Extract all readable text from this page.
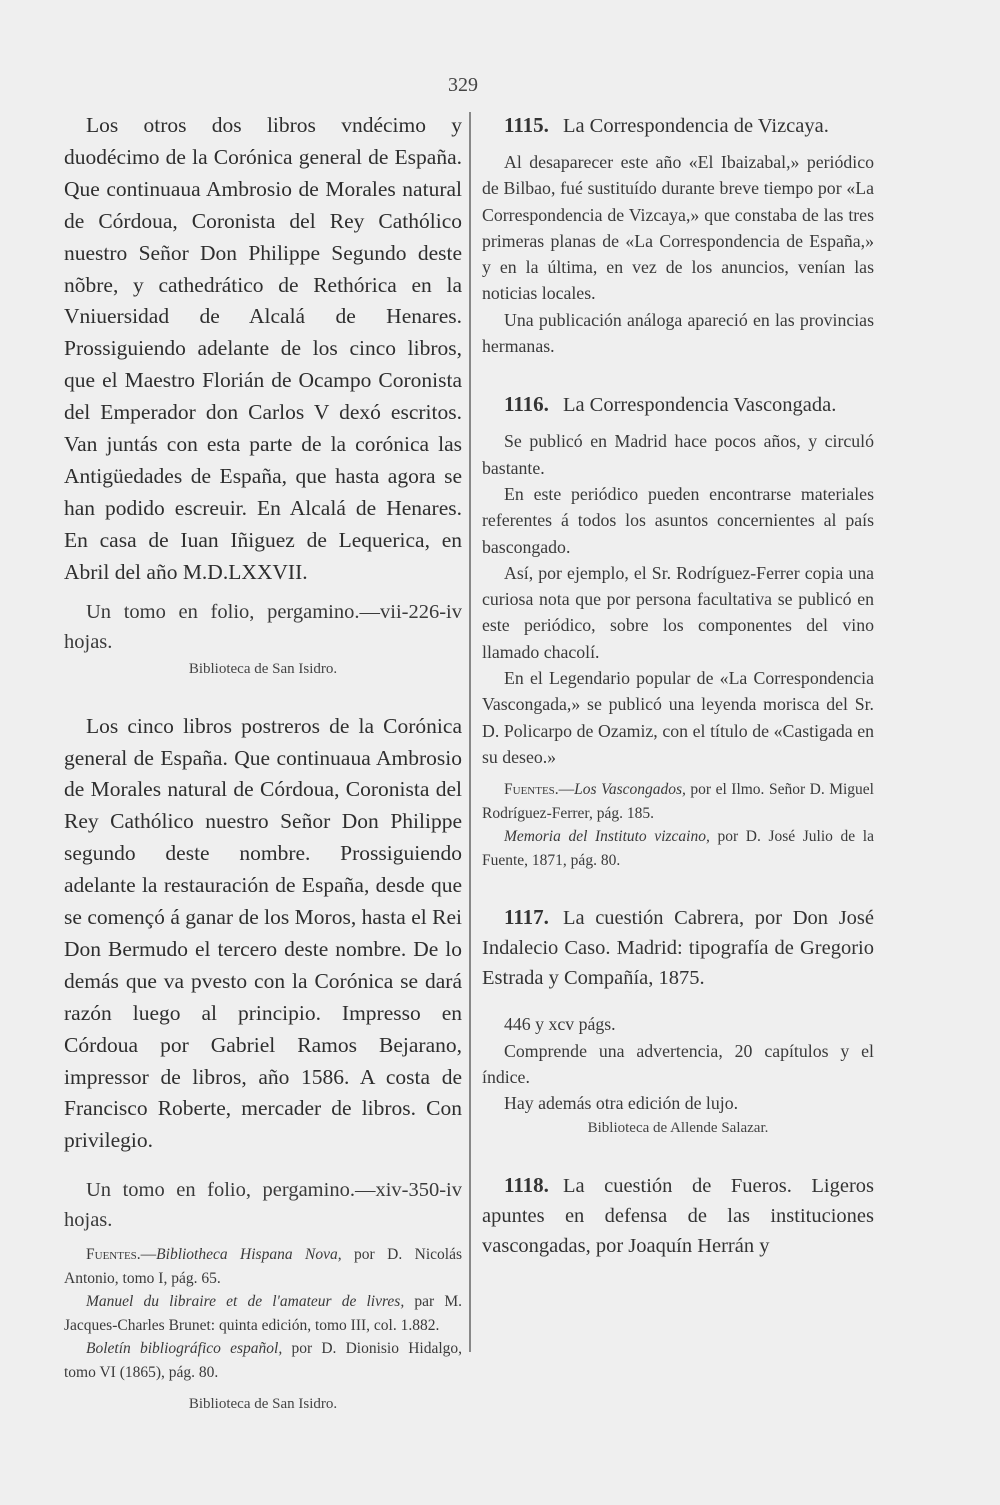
329

Los otros dos libros vndécimo y duodécimo de la Corónica general de España. Que continuaua Ambrosio de Morales natural de Córdoua, Coronista del Rey Cathólico nuestro Señor Don Philippe Segundo deste nõbre, y cathedrático de Rethórica en la Vniuersidad de Alcalá de Henares. Prossiguiendo adelante de los cinco libros, que el Maestro Florián de Ocampo Coronista del Emperador don Carlos V dexó escritos. Van juntás con esta parte de la corónica las Antigüedades de España, que hasta agora se han podido escreuir. En Alcalá de Henares. En casa de Iuan Iñiguez de Lequerica, en Abril del año M.D.LXXVII.

Un tomo en folio, pergamino.—vii-226-iv hojas.

Biblioteca de San Isidro.

Los cinco libros postreros de la Corónica general de España. Que continuaua Ambrosio de Morales natural de Córdoua, Coronista del Rey Cathólico nuestro Señor Don Philippe segundo deste nombre. Prossiguiendo adelante la restauración de España, desde que se començó á ganar de los Moros, hasta el Rei Don Bermudo el tercero deste nombre. De lo demás que va pvesto con la Corónica se dará razón luego al principio. Impresso en Córdoua por Gabriel Ramos Bejarano, impressor de libros, año 1586. A costa de Francisco Roberte, mercader de libros. Con privilegio.

Un tomo en folio, pergamino.—xiv-350-iv hojas.

Fuentes.—Bibliotheca Hispana Nova, por D. Nicolás Antonio, tomo I, pág. 65.

Manuel du libraire et de l'amateur de livres, par M. Jacques-Charles Brunet: quinta edición, tomo III, col. 1.882.

Boletín bibliográfico español, por D. Dionisio Hidalgo, tomo VI (1865), pág. 80.

Biblioteca de San Isidro.

1115. La Correspondencia de Vizcaya.

Al desaparecer este año «El Ibaizabal,» periódico de Bilbao, fué sustituído durante breve tiempo por «La Correspondencia de Vizcaya,» que constaba de las tres primeras planas de «La Correspondencia de España,» y en la última, en vez de los anuncios, venían las noticias locales.

Una publicación análoga apareció en las provincias hermanas.

1116. La Correspondencia Vascongada.

Se publicó en Madrid hace pocos años, y circuló bastante.

En este periódico pueden encontrarse materiales referentes á todos los asuntos concernientes al país bascongado.

Así, por ejemplo, el Sr. Rodríguez-Ferrer copia una curiosa nota que por persona facultativa se publicó en este periódico, sobre los componentes del vino llamado chacolí.

En el Legendario popular de «La Correspondencia Vascongada,» se publicó una leyenda morisca del Sr. D. Policarpo de Ozamiz, con el título de «Castigada en su deseo.»

Fuentes.—Los Vascongados, por el Ilmo. Señor D. Miguel Rodríguez-Ferrer, pág. 185.

Memoria del Instituto vizcaino, por D. José Julio de la Fuente, 1871, pág. 80.

1117. La cuestión Cabrera, por Don José Indalecio Caso. Madrid: tipografía de Gregorio Estrada y Compañía, 1875.

446 y xcv págs.

Comprende una advertencia, 20 capítulos y el índice.

Hay además otra edición de lujo.

Biblioteca de Allende Salazar.

1118. La cuestión de Fueros. Ligeros apuntes en defensa de las instituciones vascongadas, por Joaquín Herrán y
